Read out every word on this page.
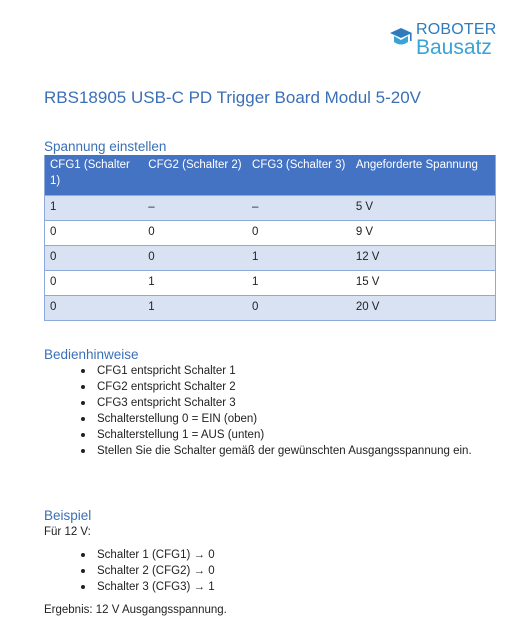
ROBOTER
Bausatz
RBS18905 USB-C PD Trigger Board Modul 5-20V
Spannung einstellen
CFG1 (Schalter 1)	CFG2 (Schalter 2)	CFG3 (Schalter 3)	Angeforderte Spannung
1	–	–	5 V
0	0	0	9 V
0	0	1	12 V
0	1	1	15 V
0	1	0	20 V
Bedienhinweise
CFG1 entspricht Schalter 1
CFG2 entspricht Schalter 2
CFG3 entspricht Schalter 3
Schalterstellung 0 = EIN (oben)
Schalterstellung 1 = AUS (unten)
Stellen Sie die Schalter gemäß der gewünschten Ausgangsspannung ein.
Beispiel
Für 12 V:
Schalter 1 (CFG1) → 0
Schalter 2 (CFG2) → 0
Schalter 3 (CFG3) → 1
Ergebnis: 12 V Ausgangsspannung.
